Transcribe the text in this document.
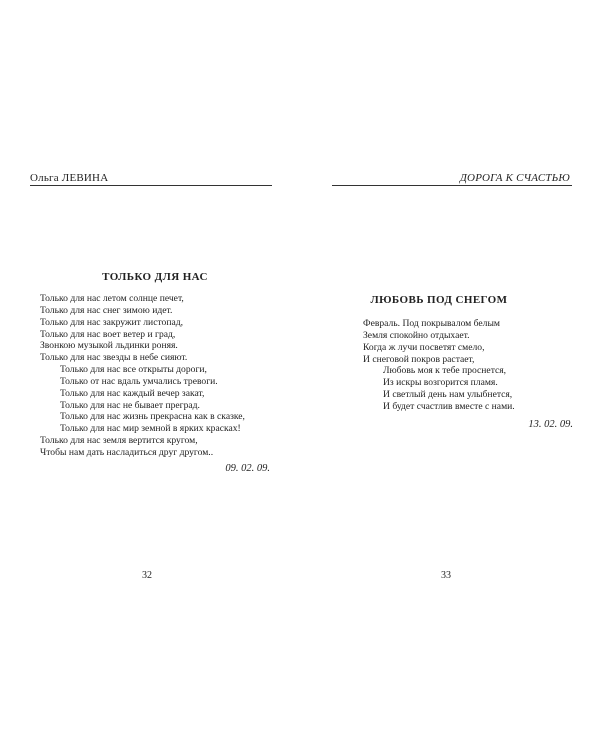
Ольга ЛЕВИНА
ТОЛЬКО ДЛЯ НАС
Только для нас летом солнце печет,
Только для нас снег зимою идет.
Только для нас закружит листопад,
Только для нас воет ветер и град,
Звонкою музыкой льдинки роняя.
Только для нас звезды в небе сияют.
Только для нас все открыты дороги,
Только от нас вдаль умчались тревоги.
Только для нас каждый вечер закат,
Только для нас не бывает преград.
Только для нас жизнь прекрасна как в сказке,
Только для нас мир земной в ярких красках!
Только для нас земля вертится кругом,
Чтобы нам дать насладиться друг другом..
09. 02. 09.
32
ДОРОГА К СЧАСТЬЮ
ЛЮБОВЬ ПОД СНЕГОМ
Февраль. Под покрывалом белым
Земля спокойно отдыхает.
Когда ж лучи посветят смело,
И снеговой покров растает,
Любовь моя к тебе проснется,
Из искры возгорится пламя.
И светлый день нам улыбнется,
И будет счастлив вместе с нами.
13. 02. 09.
33
